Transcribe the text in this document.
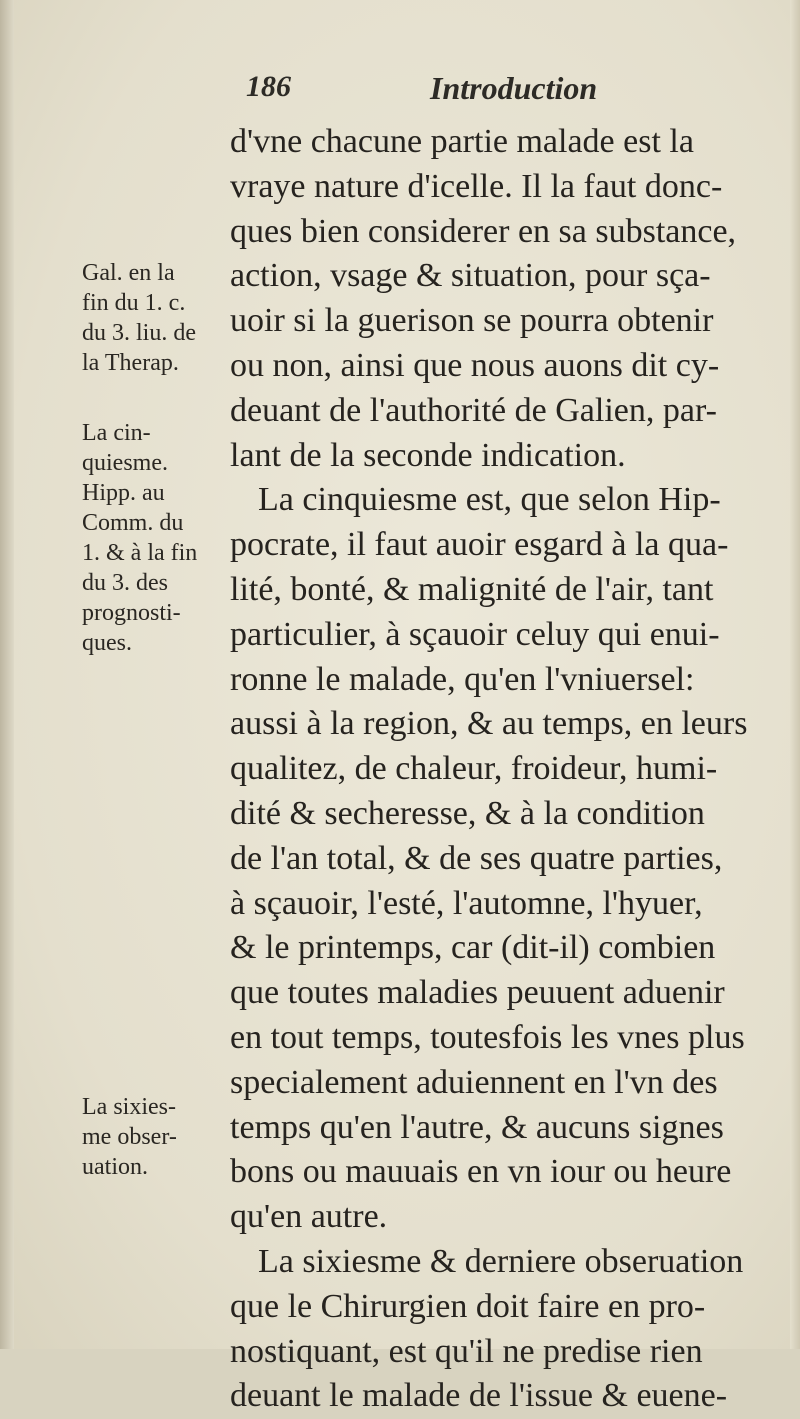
186	Introduction
Gal. en la
fin du 1. c.
du 3. liu. de
la Therap.
La cin-
quiesme.
Hipp. au
Comm. du
1. & à la fin
du 3. des
prognosti-
ques.
La sixies-
me obser-
uation.
d'vne chacune partie malade est la
vraye nature d'icelle. Il la faut donc-
ques bien considerer en sa substance,
action, vsage & situation, pour sça-
uoir si la guerison se pourra obtenir
ou non, ainsi que nous auons dit cy-
deuant de l'authorité de Galien, par-
lant de la seconde indication.
La cinquiesme est, que selon Hip-
pocrate, il faut auoir esgard à la qua-
lité, bonté, & malignité de l'air, tant
particulier, à sçauoir celuy qui enui-
ronne le malade, qu'en l'vniuersel:
aussi à la region, & au temps, en leurs
qualitez, de chaleur, froideur, humi-
dité & secheresse, & à la condition
de l'an total, & de ses quatre parties,
à sçauoir, l'esté, l'automne, l'hyuer,
& le printemps, car (dit-il) combien
que toutes maladies peuuent aduenir
en tout temps, toutesfois les vnes plus
specialement aduiennent en l'vn des
temps qu'en l'autre, & aucuns signes
bons ou mauuais en vn iour ou heure
qu'en autre.
La sixiesme & derniere obseruation
que le Chirurgien doit faire en pro-
nostiquant, est qu'il ne predise rien
deuant le malade de l'issue & euene-
